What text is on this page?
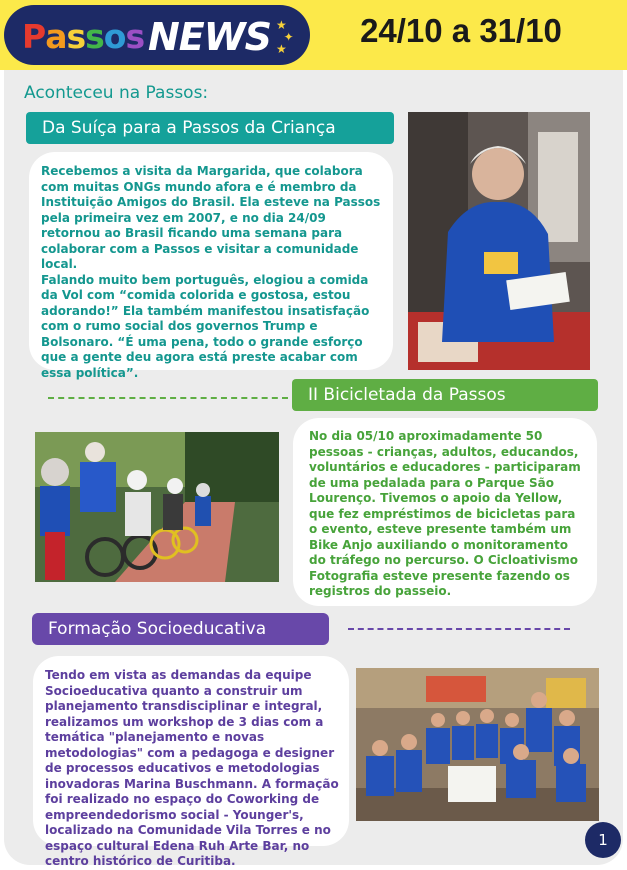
Passos NEWS ★
✦
★	24/10 a 31/10
Aconteceu na Passos:
Da Suíça para a Passos da Criança

Recebemos a visita da Margarida, que colabora com muitas ONGs mundo afora e é membro da Instituição Amigos do Brasil. Ela esteve na Passos pela primeira vez em 2007, e no dia 24/09 retornou ao Brasil ficando uma semana para colaborar com a Passos e visitar a comunidade local.
Falando muito bem português, elogiou a comida da Vol com “comida colorida e gostosa, estou adorando!” Ela também manifestou insatisfação com o rumo social dos governos Trump e Bolsonaro. “É uma pena, todo o grande esforço que a gente deu agora está preste acabar com essa política”.

II Bicicletada da Passos

No dia 05/10 aproximadamente 50 pessoas - crianças, adultos, educandos, voluntários e educadores - participaram de uma pedalada para o Parque São Lourenço. Tivemos o apoio da Yellow, que fez empréstimos de bicicletas para o evento, esteve presente também um Bike Anjo auxiliando o monitoramento do tráfego no percurso. O Cicloativismo Fotografia esteve presente fazendo os registros do passeio.

Formação Socioeducativa

Tendo em vista as demandas da equipe Socioeducativa quanto a construir um planejamento transdisciplinar e integral, realizamos um workshop de 3 dias com a temática "planejamento e novas metodologias" com a pedagoga e designer de processos educativos e metodologias inovadoras Marina Buschmann. A formação foi realizado no espaço do Coworking de empreendedorismo social - Younger's, localizado na Comunidade Vila Torres e no espaço cultural Edena Ruh Arte Bar, no centro histórico de Curitiba.

1
